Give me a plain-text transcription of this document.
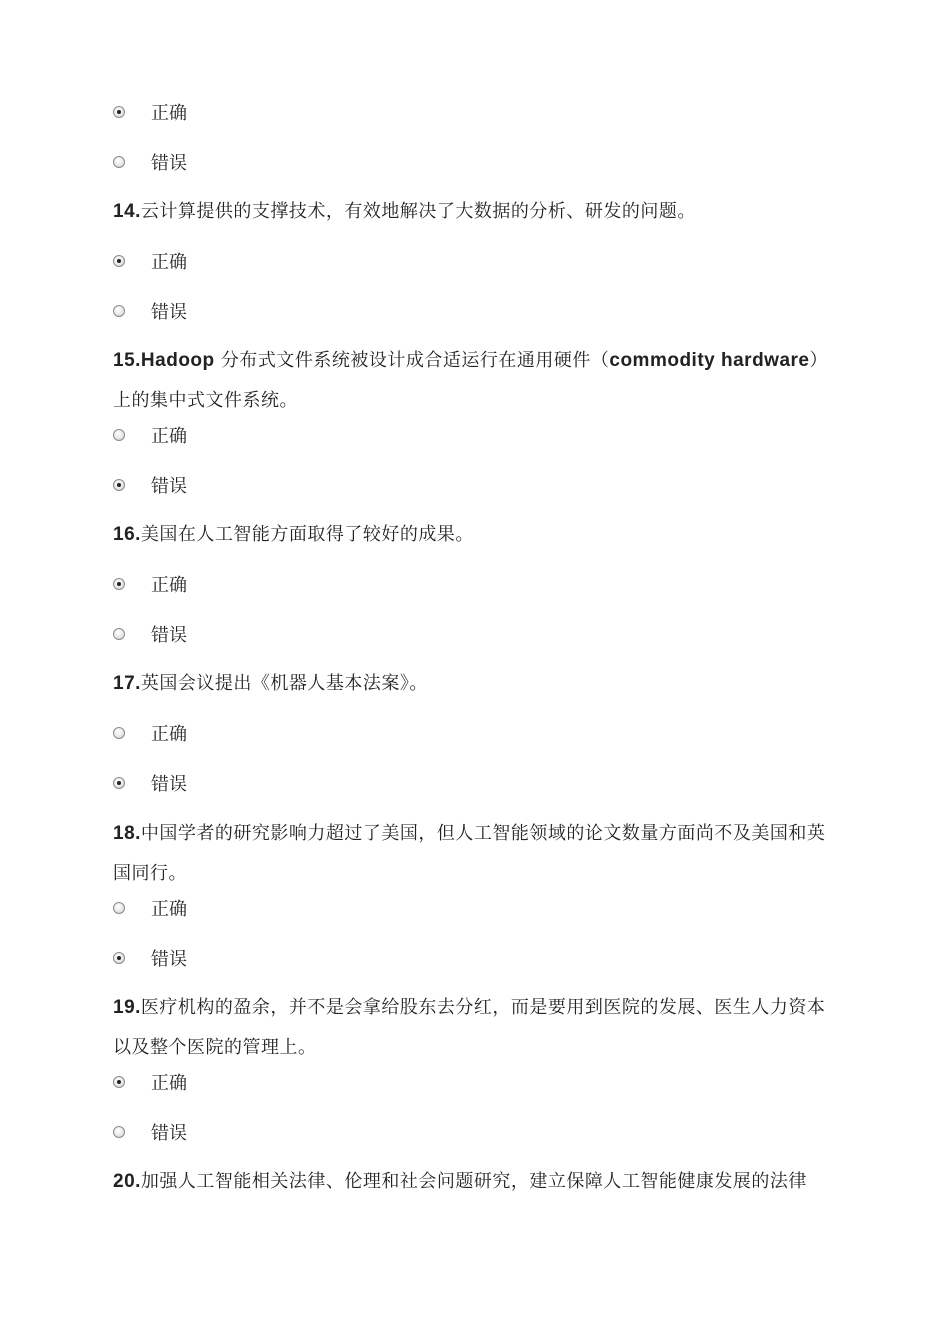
正确
错误
14.云计算提供的支撑技术，有效地解决了大数据的分析、研发的问题。
正确
错误
15.Hadoop 分布式文件系统被设计成合适运行在通用硬件（commodity hardware）上的集中式文件系统。
正确
错误
16.美国在人工智能方面取得了较好的成果。
正确
错误
17.英国会议提出《机器人基本法案》。
正确
错误
18.中国学者的研究影响力超过了美国，但人工智能领域的论文数量方面尚不及美国和英国同行。
正确
错误
19.医疗机构的盈余，并不是会拿给股东去分红，而是要用到医院的发展、医生人力资本以及整个医院的管理上。
正确
错误
20.加强人工智能相关法律、伦理和社会问题研究，建立保障人工智能健康发展的法律
